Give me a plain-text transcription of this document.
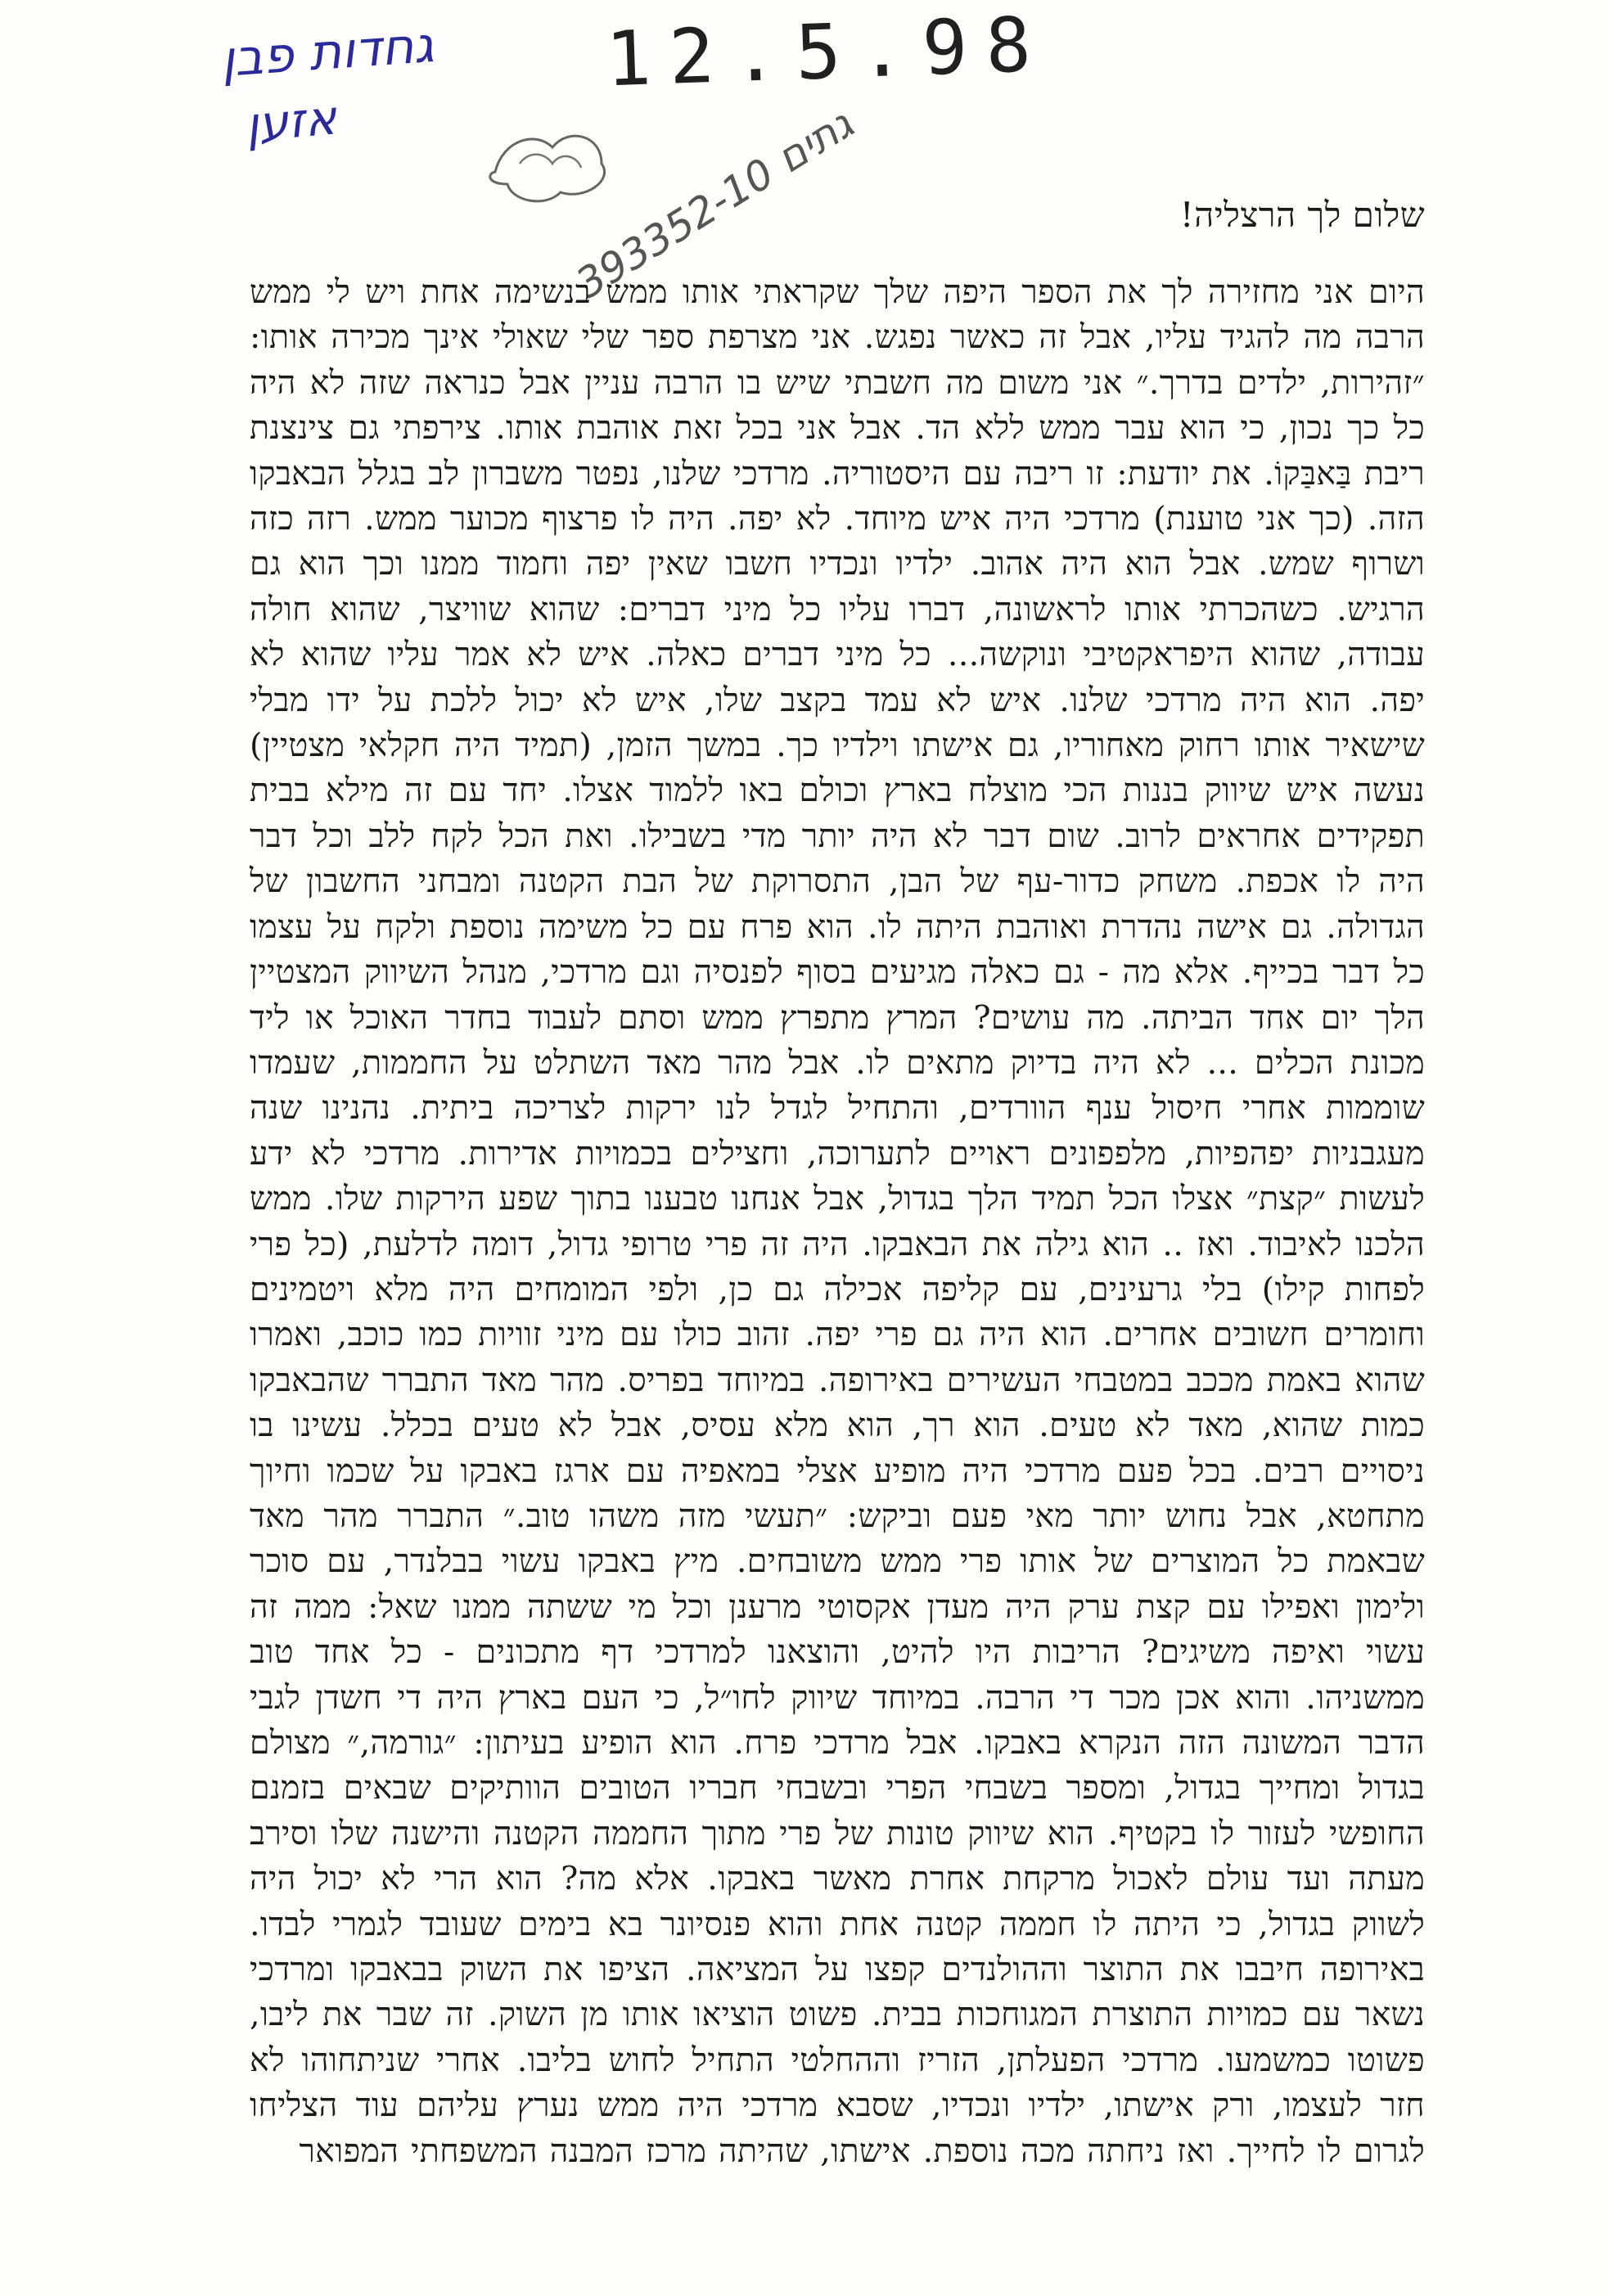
גחדות פבן
אזען
12.5.98
גתים 393352-10
שלום לך הרצליה!
היום אני מחזירה לך את הספר היפה שלך שקראתי אותו ממש בנשימה אחת ויש לי ממש הרבה מה להגיד עליו, אבל זה כאשר נפגש. אני מצרפת ספר שלי שאולי אינך מכירה אותו: ״זהירות, ילדים בדרך.״ אני משום מה חשבתי שיש בו הרבה עניין אבל כנראה שזה לא היה כל כך נכון, כי הוא עבר ממש ללא הד. אבל אני בכל זאת אוהבת אותו. צירפתי גם צינצנת ריבת בַּאבַּקוֹ. את יודעת: זו ריבה עם היסטוריה. מרדכי שלנו, נפטר משברון לב בגלל הבאבקו הזה. (כך אני טוענת) מרדכי היה איש מיוחד. לא יפה. היה לו פרצוף מכוער ממש. רזה כזה ושרוף שמש. אבל הוא היה אהוב. ילדיו ונכדיו חשבו שאין יפה וחמוד ממנו וכך הוא גם הרגיש. כשהכרתי אותו לראשונה, דברו עליו כל מיני דברים: שהוא שוויצר, שהוא חולה עבודה, שהוא היפראקטיבי ונוקשה... כל מיני דברים כאלה. איש לא אמר עליו שהוא לא יפה. הוא היה מרדכי שלנו. איש לא עמד בקצב שלו, איש לא יכול ללכת על ידו מבלי שישאיר אותו רחוק מאחוריו, גם אישתו וילדיו כך. במשך הזמן, (תמיד היה חקלאי מצטיין) נעשה איש שיווק בננות הכי מוצלח בארץ וכולם באו ללמוד אצלו. יחד עם זה מילא בבית תפקידים אחראים לרוב. שום דבר לא היה יותר מדי בשבילו. ואת הכל לקח ללב וכל דבר היה לו אכפת. משחק כדור-עף של הבן, התסרוקת של הבת הקטנה ומבחני החשבון של הגדולה. גם אישה נהדרת ואוהבת היתה לו. הוא פרח עם כל משימה נוספת ולקח על עצמו כל דבר בכייף. אלא מה - גם כאלה מגיעים בסוף לפנסיה וגם מרדכי, מנהל השיווק המצטיין הלך יום אחד הביתה. מה עושים? המרץ מתפרץ ממש וסתם לעבוד בחדר האוכל או ליד מכונת הכלים ... לא היה בדיוק מתאים לו. אבל מהר מאד השתלט על החממות, שעמדו שוממות אחרי חיסול ענף הוורדים, והתחיל לגדל לנו ירקות לצריכה ביתית. נהנינו שנה מעגבניות יפהפיות, מלפפונים ראויים לתערוכה, וחצילים בכמויות אדירות. מרדכי לא ידע לעשות ״קצת״ אצלו הכל תמיד הלך בגדול, אבל אנחנו טבענו בתוך שפע הירקות שלו. ממש הלכנו לאיבוד. ואז .. הוא גילה את הבאבקו. היה זה פרי טרופי גדול, דומה לדלעת, (כל פרי לפחות קילו) בלי גרעינים, עם קליפה אכילה גם כן, ולפי המומחים היה מלא ויטמינים וחומרים חשובים אחרים. הוא היה גם פרי יפה. זהוב כולו עם מיני זוויות כמו כוכב, ואמרו שהוא באמת מככב במטבחי העשירים באירופה. במיוחד בפריס. מהר מאד התברר שהבאבקו כמות שהוא, מאד לא טעים. הוא רך, הוא מלא עסיס, אבל לא טעים בכלל. עשינו בו ניסויים רבים. בכל פעם מרדכי היה מופיע אצלי במאפיה עם ארגז באבקו על שכמו וחיוך מתחטא, אבל נחוש יותר מאי פעם וביקש: ״תעשי מזה משהו טוב.״ התברר מהר מאד שבאמת כל המוצרים של אותו פרי ממש משובחים. מיץ באבקו עשוי בבלנדר, עם סוכר ולימון ואפילו עם קצת ערק היה מעדן אקסוטי מרענן וכל מי ששתה ממנו שאל: ממה זה עשוי ואיפה משיגים? הריבות היו להיט, והוצאנו למרדכי דף מתכונים - כל אחד טוב ממשניהו. והוא אכן מכר די הרבה. במיוחד שיווק לחו״ל, כי העם בארץ היה די חשדן לגבי הדבר המשונה הזה הנקרא באבקו. אבל מרדכי פרח. הוא הופיע בעיתון: ״גורמה,״ מצולם בגדול ומחייך בגדול, ומספר בשבחי הפרי ובשבחי חבריו הטובים הוותיקים שבאים בזמנם החופשי לעזור לו בקטיף. הוא שיווק טונות של פרי מתוך החממה הקטנה והישנה שלו וסירב מעתה ועד עולם לאכול מרקחת אחרת מאשר באבקו. אלא מה? הוא הרי לא יכול היה לשווק בגדול, כי היתה לו חממה קטנה אחת והוא פנסיונר בא בימים שעובד לגמרי לבדו. באירופה חיבבו את התוצר וההולנדים קפצו על המציאה. הציפו את השוק בבאבקו ומרדכי נשאר עם כמויות התוצרת המגוחכות בבית. פשוט הוציאו אותו מן השוק. זה שבר את ליבו, פשוטו כמשמעו. מרדכי הפעלתן, הזריז וההחלטי התחיל לחוש בליבו. אחרי שניתחוהו לא חזר לעצמו, ורק אישתו, ילדיו ונכדיו, שסבא מרדכי היה ממש נערץ עליהם עוד הצליחו לגרום לו לחייך. ואז ניחתה מכה נוספת. אישתו, שהיתה מרכז המבנה המשפחתי המפואר
